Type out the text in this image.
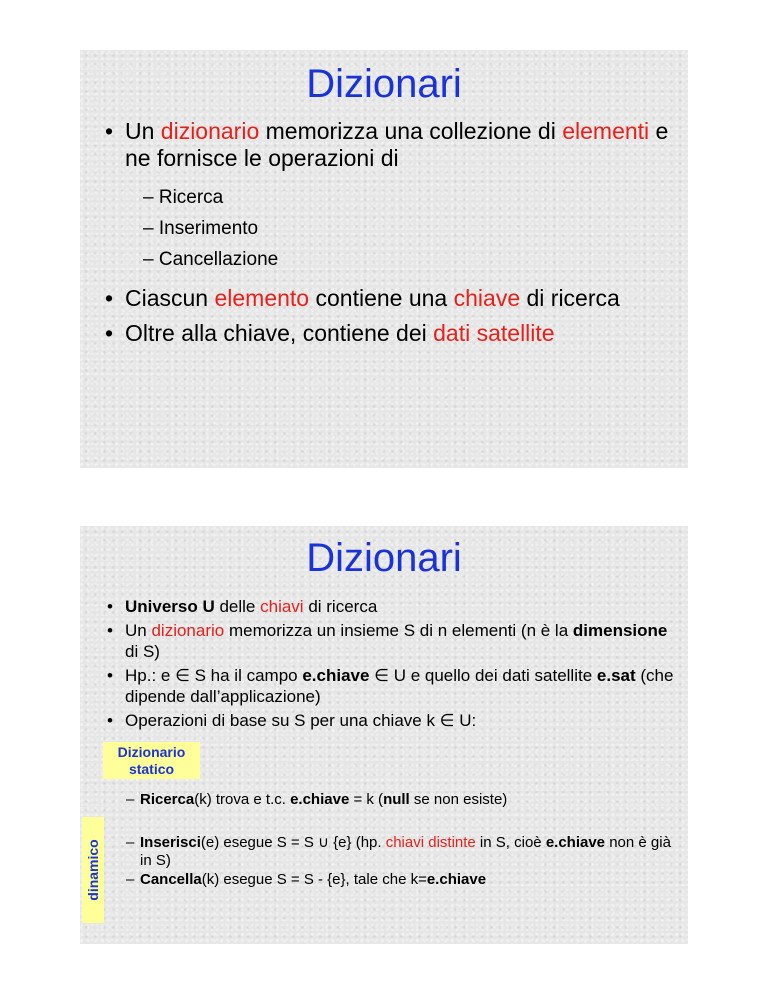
Dizionari
• Un dizionario memorizza una collezione di elementi e ne fornisce le operazioni di
– Ricerca
– Inserimento
– Cancellazione
• Ciascun elemento contiene una chiave di ricerca
• Oltre alla chiave, contiene dei dati satellite
Dizionari
• Universo U delle chiavi di ricerca
• Un dizionario memorizza un insieme S di n elementi (n è la dimensione di S)
• Hp.: e ∈ S ha il campo e.chiave ∈ U e quello dei dati satellite e.sat (che dipende dall’applicazione)
• Operazioni di base su S per una chiave k ∈ U:
Dizionario statico
dinamico
– Ricerca(k) trova e t.c. e.chiave = k (null se non esiste)
– Inserisci(e) esegue S = S ∪ {e} (hp. chiavi distinte in S, cioè e.chiave non è già in S)
– Cancella(k) esegue S = S - {e}, tale che k=e.chiave
